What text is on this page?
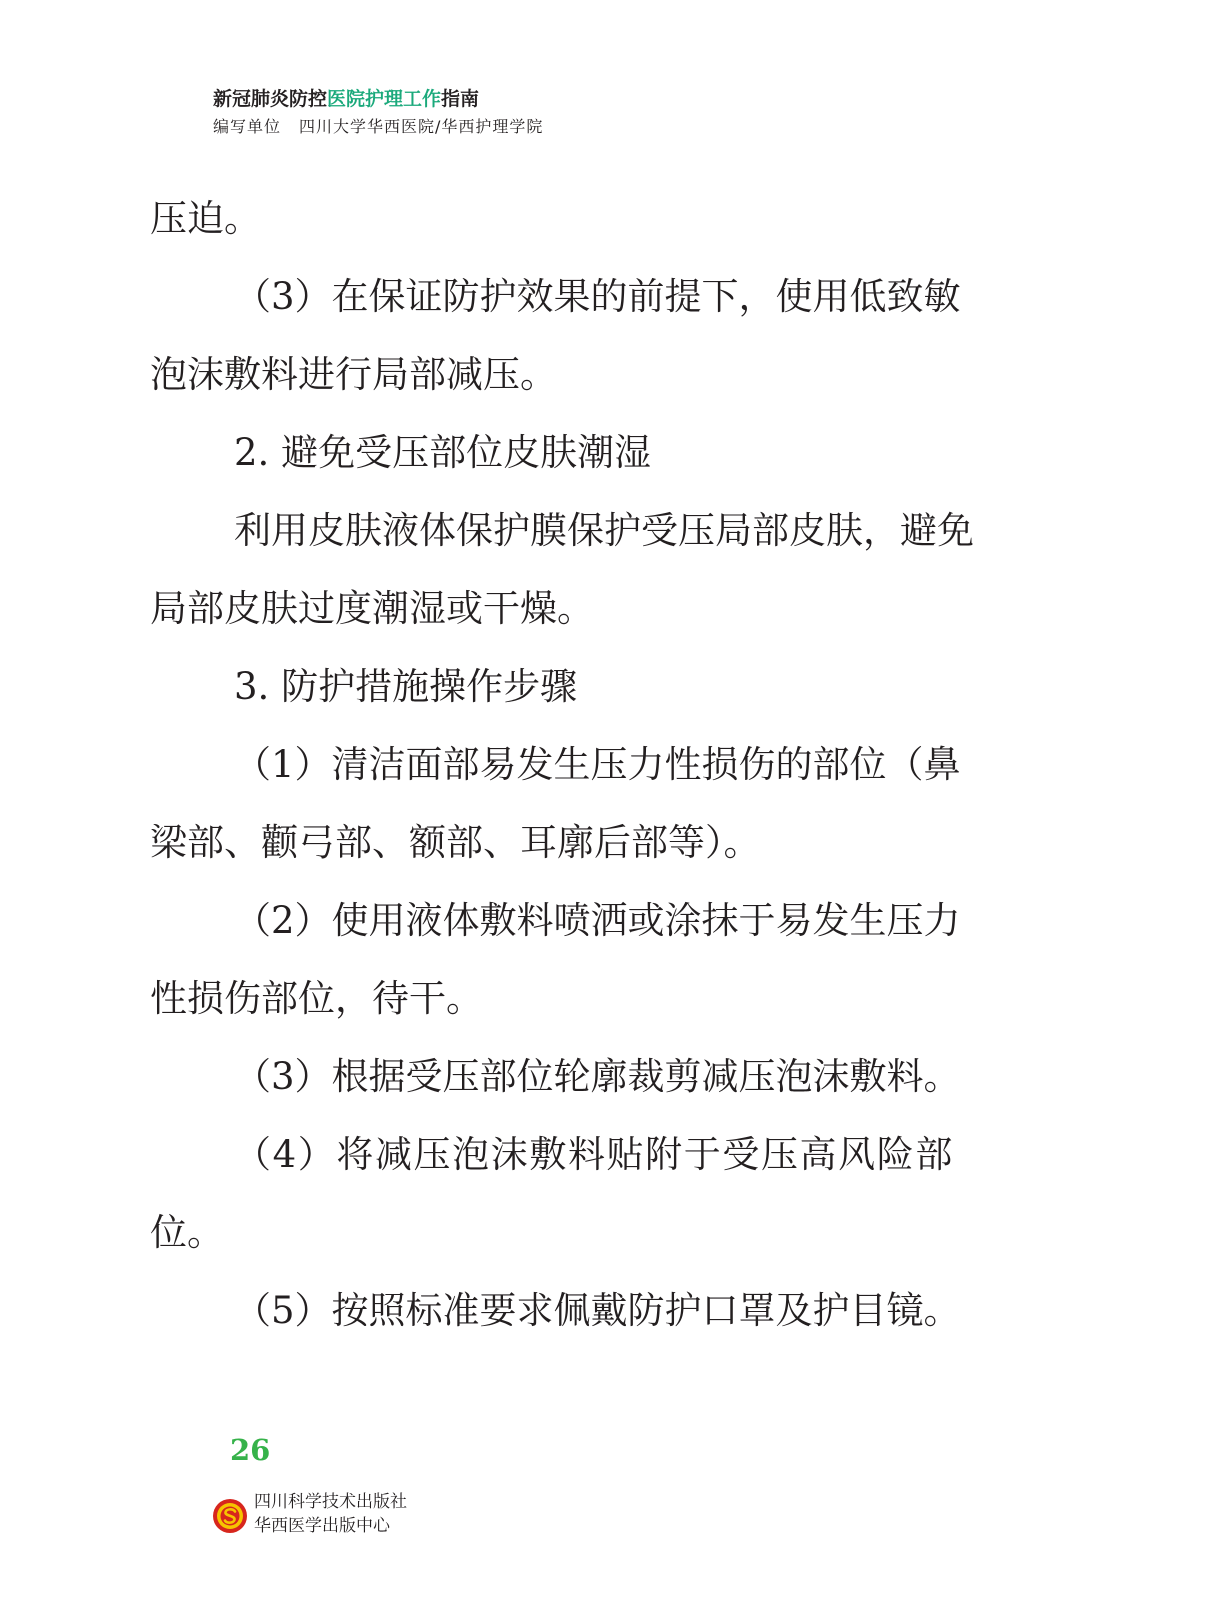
新冠肺炎防控医院护理工作指南
编写单位 四川大学华西医院/华西护理学院
压迫。
（3）在保证防护效果的前提下，使用低致敏
泡沫敷料进行局部减压。
2. 避免受压部位皮肤潮湿
利用皮肤液体保护膜保护受压局部皮肤，避免
局部皮肤过度潮湿或干燥。
3. 防护措施操作步骤
（1）清洁面部易发生压力性损伤的部位（鼻
梁部、颧弓部、额部、耳廓后部等）。
（2）使用液体敷料喷洒或涂抹于易发生压力
性损伤部位，待干。
（3）根据受压部位轮廓裁剪减压泡沫敷料。
（4）将减压泡沫敷料贴附于受压高风险部
位。
（5）按照标准要求佩戴防护口罩及护目镜。
26
四川科学技术出版社
华西医学出版中心
